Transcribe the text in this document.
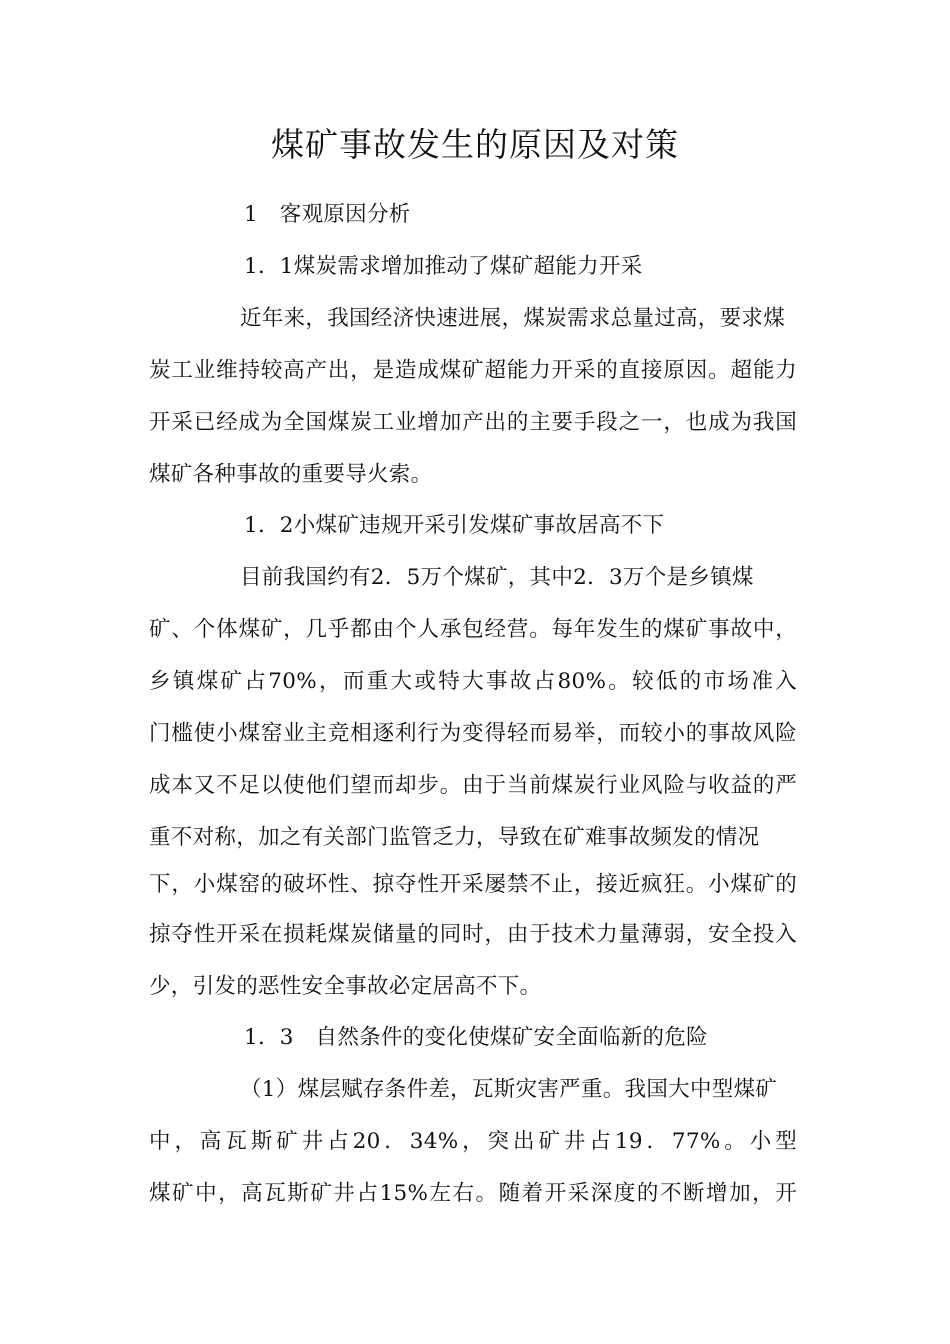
煤矿事故发生的原因及对策
1　客观原因分析
1．1煤炭需求增加推动了煤矿超能力开采
近年来，我国经济快速进展，煤炭需求总量过高，要求煤
炭工业维持较高产出，是造成煤矿超能力开采的直接原因。超能力
开采已经成为全国煤炭工业增加产出的主要手段之一，也成为我国
煤矿各种事故的重要导火索。
1．2小煤矿违规开采引发煤矿事故居高不下
目前我国约有2．5万个煤矿，其中2．3万个是乡镇煤
矿、个体煤矿，几乎都由个人承包经营。每年发生的煤矿事故中，
乡镇煤矿占70%，而重大或特大事故占80%。较低的市场准入
门槛使小煤窑业主竞相逐利行为变得轻而易举，而较小的事故风险
成本又不足以使他们望而却步。由于当前煤炭行业风险与收益的严
重不对称，加之有关部门监管乏力，导致在矿难事故频发的情况
下，小煤窑的破坏性、掠夺性开采屡禁不止，接近疯狂。小煤矿的
掠夺性开采在损耗煤炭储量的同时，由于技术力量薄弱，安全投入
少，引发的恶性安全事故必定居高不下。
1．3　自然条件的变化使煤矿安全面临新的危险
（1）煤层赋存条件差，瓦斯灾害严重。我国大中型煤矿
中，高瓦斯矿井占20．34%，突出矿井占19．77%。小型
煤矿中，高瓦斯矿井占15%左右。随着开采深度的不断增加，开
